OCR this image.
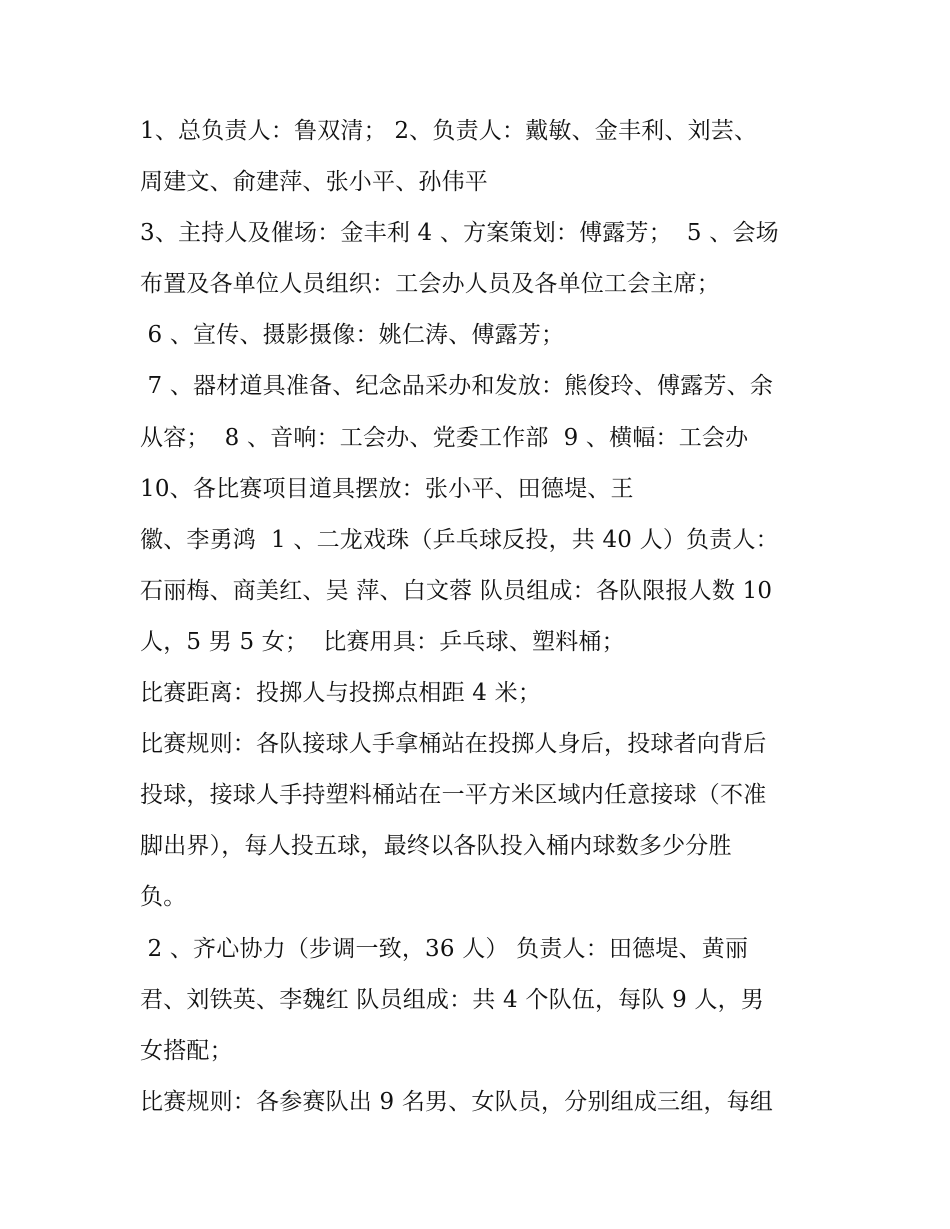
1、总负责人：鲁双清； 2、负责人：戴敏、金丰利、刘芸、
周建文、俞建萍、张小平、孙伟平
3、主持人及催场：金丰利 4 、方案策划：傅露芳；  5 、会场
布置及各单位人员组织：工会办人员及各单位工会主席；
6 、宣传、摄影摄像：姚仁涛、傅露芳；
7 、器材道具准备、纪念品采办和发放：熊俊玲、傅露芳、余
从容；  8 、音响：工会办、党委工作部  9 、横幅：工会办
10、各比赛项目道具摆放：张小平、田德堤、王
徽、李勇鸿  1 、二龙戏珠（乒乓球反投，共 40 人）负责人：
石丽梅、商美红、吴 萍、白文蓉 队员组成：各队限报人数 10
人，5 男 5 女；  比赛用具：乒乓球、塑料桶；
比赛距离：投掷人与投掷点相距 4 米；
比赛规则：各队接球人手拿桶站在投掷人身后，投球者向背后
投球，接球人手持塑料桶站在一平方米区域内任意接球（不准
脚出界），每人投五球，最终以各队投入桶内球数多少分胜
负。
2 、齐心协力（步调一致，36 人） 负责人：田德堤、黄丽
君、刘铁英、李魏红 队员组成：共 4 个队伍，每队 9 人，男
女搭配；
比赛规则：各参赛队出 9 名男、女队员，分别组成三组，每组
